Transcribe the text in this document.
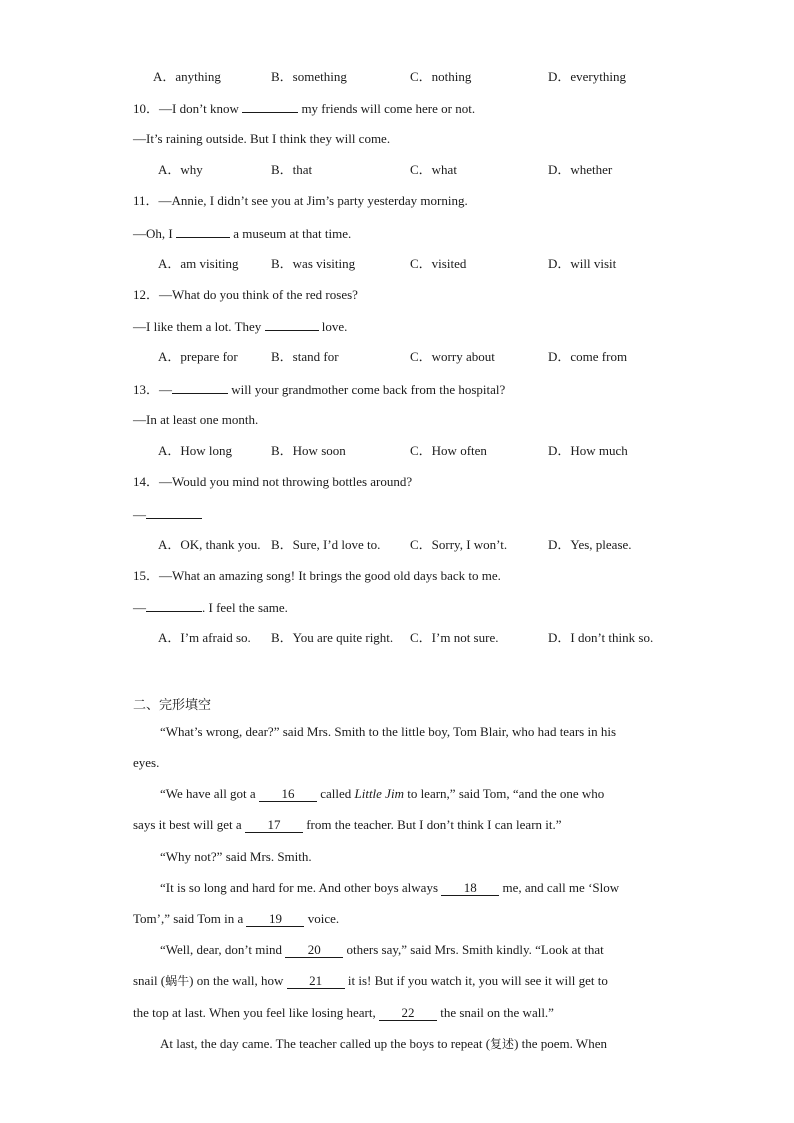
A．anything	B．something	C．nothing	D．everything
10．—I don’t know	my friends will come here or not.
—It’s raining outside. But I think they will come.
A．why	B．that	C．what	D．whether
11．—Annie, I didn’t see you at Jim’s party yesterday morning.
—Oh, I	a museum at that time.
A．am visiting B．was visiting	C．visited	D．will visit
12．—What do you think of the red roses?
—I like them a lot. They	love.
A．prepare for	B．stand for	C．worry about	D．come from
13．—	will your grandmother come back from the hospital?
—In at least one month.
A．How long	B．How soon	C．How often	D．How much
14．—Would you mind not throwing bottles around?
—
A．OK, thank you. B．Sure, I’d love to. C．Sorry, I won’t.	D．Yes, please.
15．—What an amazing song! It brings the good old days back to me.
—	. I feel the same.
A．I’m afraid so. B．You are quite right. C．I’m not sure.	D．I don’t think so.
二、完形填空
“What’s wrong, dear?” said Mrs. Smith to the little boy, Tom Blair, who had tears in his
eyes.
“We have all got a 16 called Little Jim to learn,” said Tom, “and the one who
says it best will get a 17 from the teacher. But I don’t think I can learn it.”
“Why not?” said Mrs. Smith.
“It is so long and hard for me. And other boys always 18 me, and call me ‘Slow
Tom’,” said Tom in a 19 voice.
“Well, dear, don’t mind 20 others say,” said Mrs. Smith kindly. “Look at that
snail (蜗牛) on the wall, how 21 it is! But if you watch it, you will see it will get to
the top at last. When you feel like losing heart, 22 the snail on the wall.”
At last, the day came. The teacher called up the boys to repeat (复述) the poem. When
